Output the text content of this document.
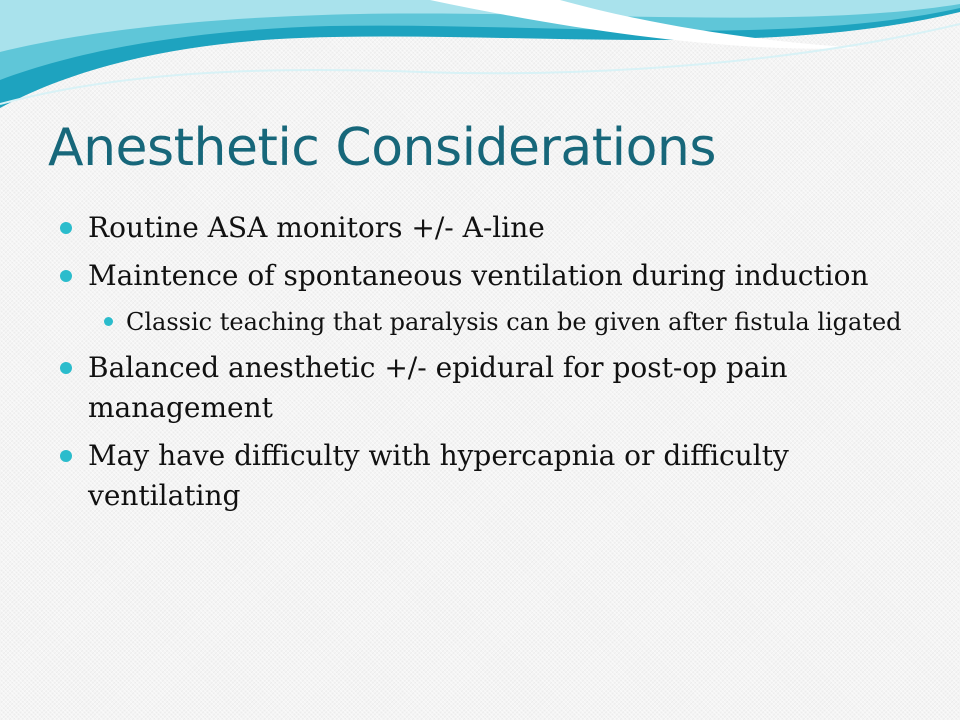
Anesthetic Considerations
Routine ASA monitors +/- A-line
Maintence of spontaneous ventilation during induction
Classic teaching that paralysis can be given after fistula ligated
Balanced anesthetic +/- epidural for post-op pain management
May have difficulty with hypercapnia or difficulty ventilating
